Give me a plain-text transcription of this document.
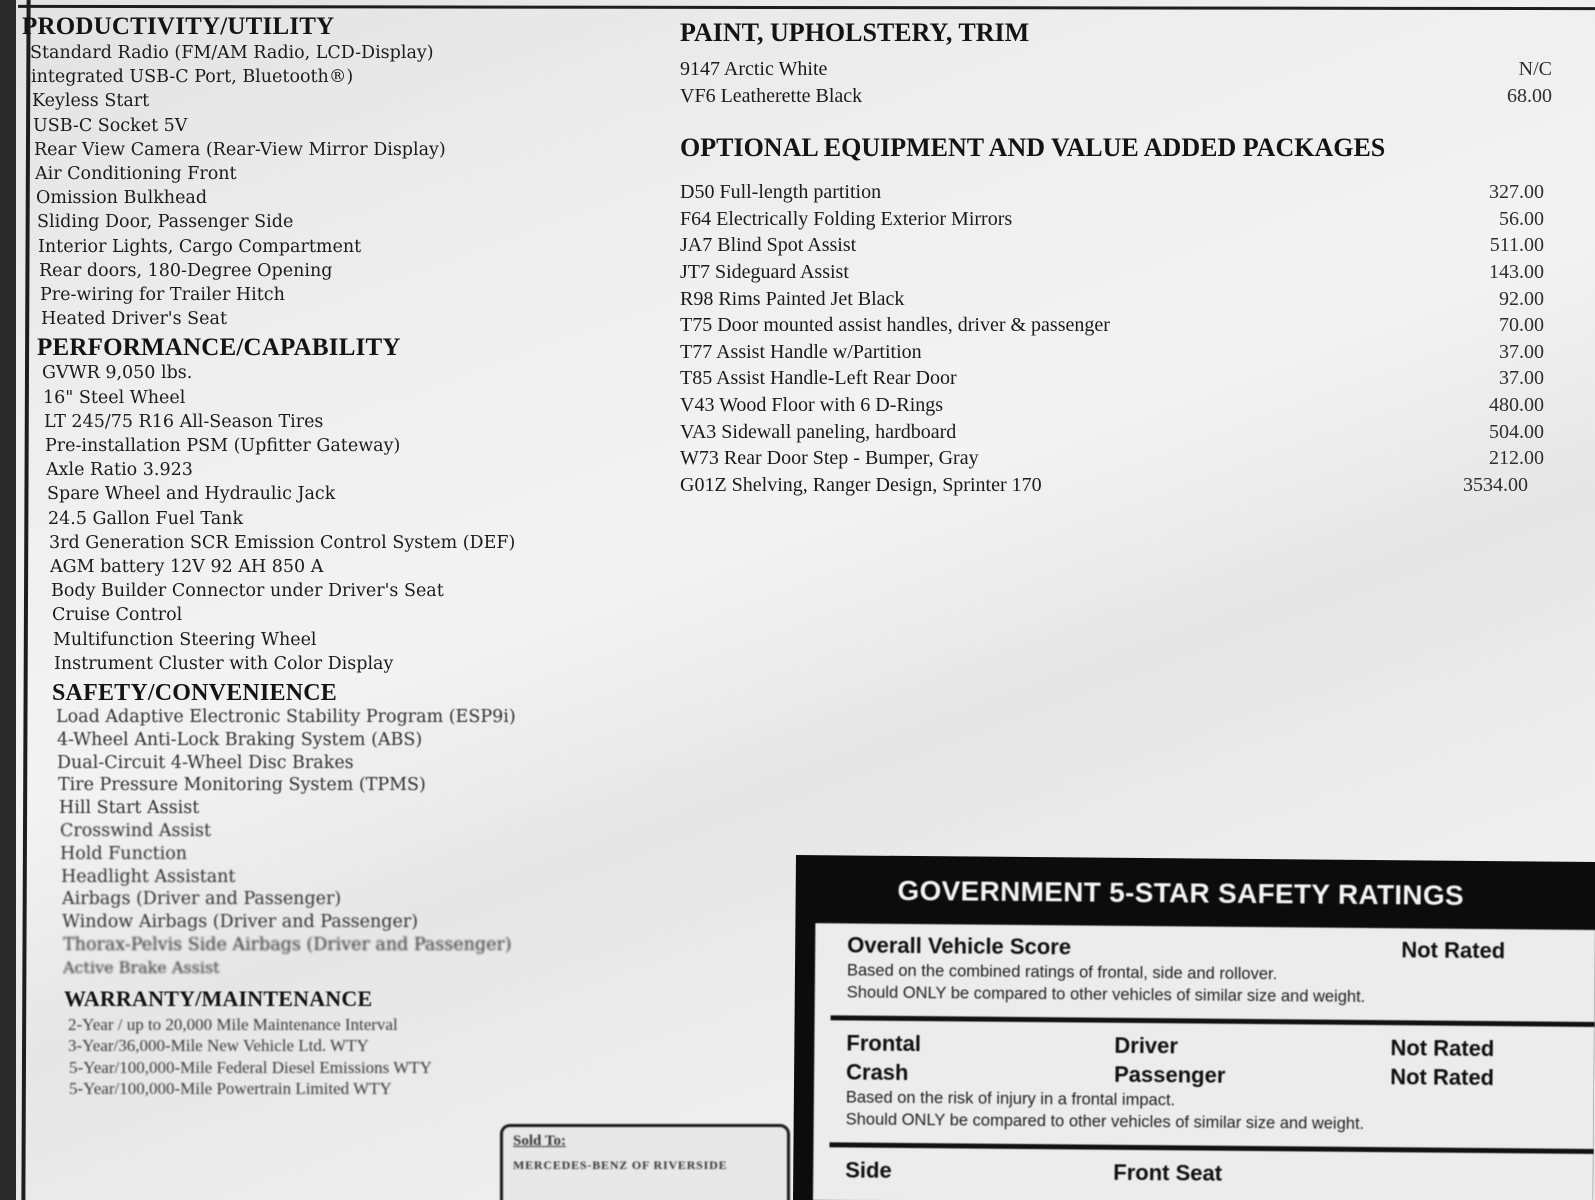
PRODUCTIVITY/UTILITY
Standard Radio (FM/AM Radio, LCD-Display)
integrated USB-C Port, Bluetooth®)
Keyless Start
USB-C Socket 5V
Rear View Camera (Rear-View Mirror Display)
Air Conditioning Front
Omission Bulkhead
Sliding Door, Passenger Side
Interior Lights, Cargo Compartment
Rear doors, 180-Degree Opening
Pre-wiring for Trailer Hitch
Heated Driver's Seat
PERFORMANCE/CAPABILITY
GVWR 9,050 lbs.
16" Steel Wheel
LT 245/75 R16 All-Season Tires
Pre-installation PSM (Upfitter Gateway)
Axle Ratio 3.923
Spare Wheel and Hydraulic Jack
24.5 Gallon Fuel Tank
3rd Generation SCR Emission Control System (DEF)
AGM battery 12V 92 AH 850 A
Body Builder Connector under Driver's Seat
Cruise Control
Multifunction Steering Wheel
Instrument Cluster with Color Display
SAFETY/CONVENIENCE
Load Adaptive Electronic Stability Program (ESP9i)
4-Wheel Anti-Lock Braking System (ABS)
Dual-Circuit 4-Wheel Disc Brakes
Tire Pressure Monitoring System (TPMS)
Hill Start Assist
Crosswind Assist
Hold Function
Headlight Assistant
Airbags (Driver and Passenger)
Window Airbags (Driver and Passenger)
Thorax-Pelvis Side Airbags (Driver and Passenger)
Active Brake Assist
WARRANTY/MAINTENANCE
2-Year / up to 20,000 Mile Maintenance Interval
3-Year/36,000-Mile New Vehicle Ltd. WTY
5-Year/100,000-Mile Federal Diesel Emissions WTY
5-Year/100,000-Mile Powertrain Limited WTY
PAINT, UPHOLSTERY, TRIM
9147 Arctic White	N/C
VF6 Leatherette Black	68.00
OPTIONAL EQUIPMENT AND VALUE ADDED PACKAGES
D50 Full-length partition	327.00
F64 Electrically Folding Exterior Mirrors	56.00
JA7 Blind Spot Assist	511.00
JT7 Sideguard Assist	143.00
R98 Rims Painted Jet Black	92.00
T75 Door mounted assist handles, driver & passenger	70.00
T77 Assist Handle w/Partition	37.00
T85 Assist Handle-Left Rear Door	37.00
V43 Wood Floor with 6 D-Rings	480.00
VA3 Sidewall paneling, hardboard	504.00
W73 Rear Door Step - Bumper, Gray	212.00
G01Z Shelving, Ranger Design, Sprinter 170	3534.00
GOVERNMENT 5-STAR SAFETY RATINGS
Overall Vehicle Score	Not Rated
Based on the combined ratings of frontal, side and rollover.
Should ONLY be compared to other vehicles of similar size and weight.
Frontal	Driver	Not Rated
Crash	Passenger	Not Rated
Based on the risk of injury in a frontal impact.
Should ONLY be compared to other vehicles of similar size and weight.
Side	Front Seat
Sold To:
MERCEDES-BENZ OF RIVERSIDE
